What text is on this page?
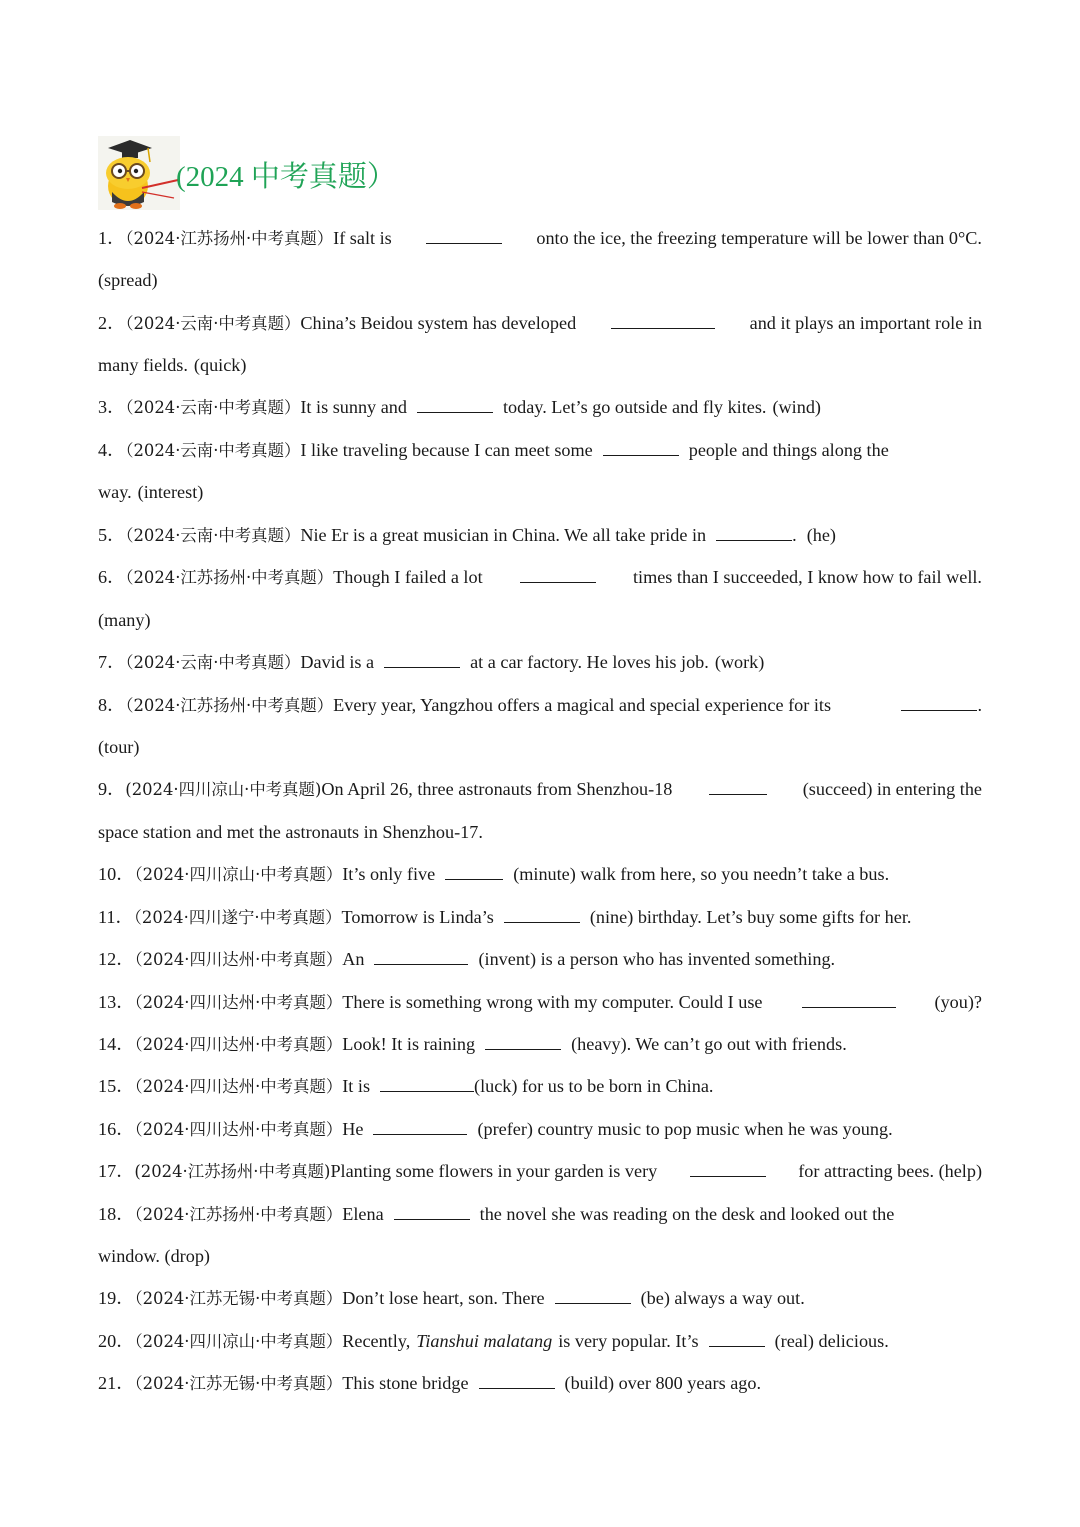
(2024 中考真题）
1．（2024·江苏扬州·中考真题）If salt is	onto the ice, the freezing temperature will be lower than 0°C.
(spread)
2．（2024·云南·中考真题）China’s Beidou system has developed	and it plays an important role in
many fields. (quick)
3．（2024·云南·中考真题）It is sunny and	today. Let’s go outside and fly kites. (wind)
4．（2024·云南·中考真题）I like traveling because I can meet some	people and things along the
way. (interest)
5．（2024·云南·中考真题）Nie Er is a great musician in China. We all take pride in	. (he)
6．（2024·江苏扬州·中考真题）Though I failed a lot	times than I succeeded, I know how to fail well.
(many)
7．（2024·云南·中考真题）David is a	at a car factory. He loves his job. (work)
8．（2024·江苏扬州·中考真题）Every year, Yangzhou offers a magical and special experience for its	.
(tour)
9．(2024·四川凉山·中考真题)On April 26, three astronauts from Shenzhou-18	(succeed) in entering the
space station and met the astronauts in Shenzhou-17.
10．（2024·四川凉山·中考真题）It’s only five	(minute) walk from here, so you needn’t take a bus.
11．（2024·四川遂宁·中考真题）Tomorrow is Linda’s	(nine) birthday. Let’s buy some gifts for her.
12．（2024·四川达州·中考真题）An	(invent) is a person who has invented something.
13．（2024·四川达州·中考真题）There is something wrong with my computer. Could I use	(you)?
14．（2024·四川达州·中考真题）Look! It is raining	(heavy). We can’t go out with friends.
15．（2024·四川达州·中考真题）It is	(luck) for us to be born in China.
16．（2024·四川达州·中考真题）He	(prefer) country music to pop music when he was young.
17．(2024·江苏扬州·中考真题)Planting some flowers in your garden is very	for attracting bees. (help)
18．（2024·江苏扬州·中考真题）Elena	the novel she was reading on the desk and looked out the
window. (drop)
19．（2024·江苏无锡·中考真题）Don’t lose heart, son. There	(be) always a way out.
20．（2024·四川凉山·中考真题）Recently, Tianshui malatang is very popular. It’s	(real) delicious.
21．（2024·江苏无锡·中考真题）This stone bridge	(build) over 800 years ago.
